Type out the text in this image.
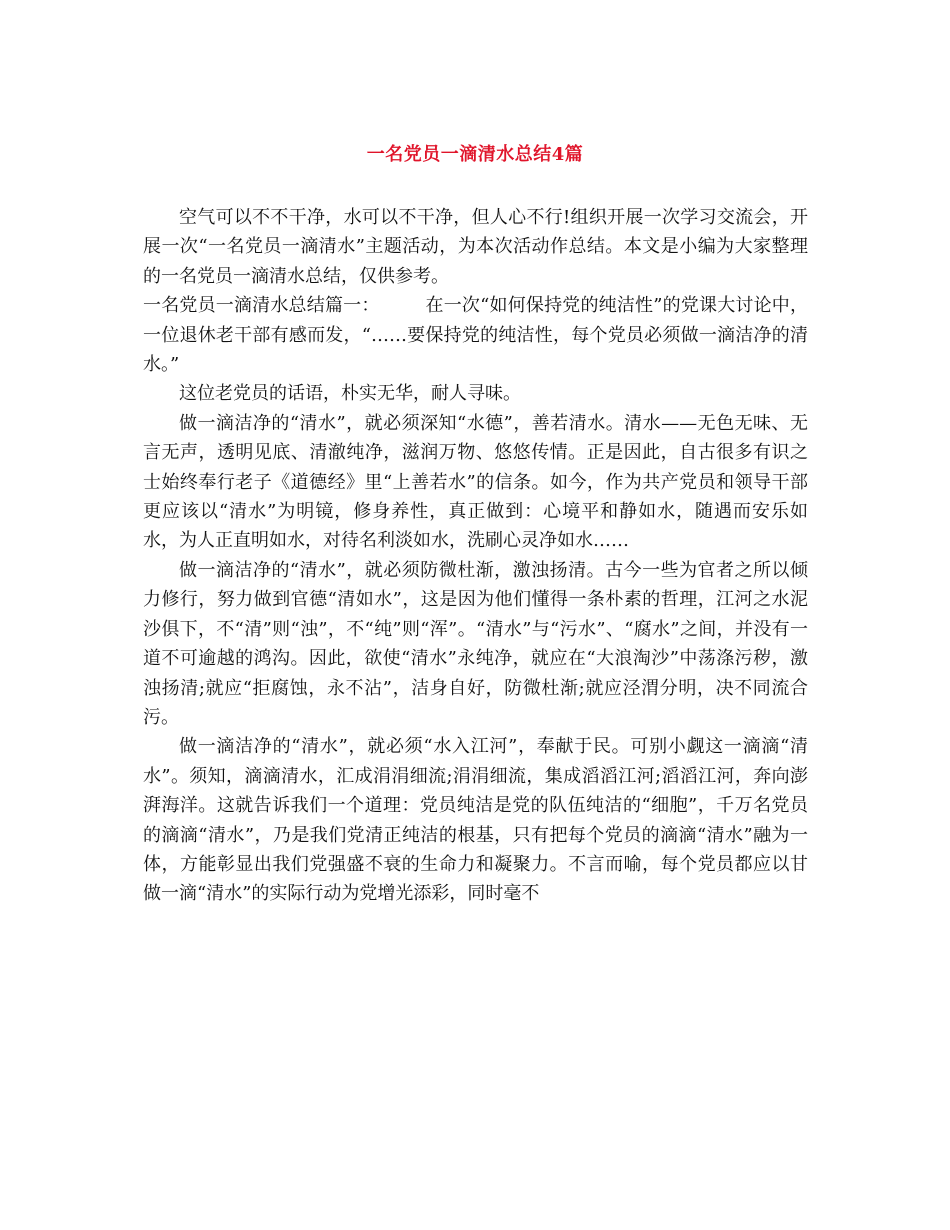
一名党员一滴清水总结4篇

空气可以不不干净，水可以不干净，但人心不行!组织开展一次学习交流会，开展一次“一名党员一滴清水”主题活动，为本次活动作总结。本文是小编为大家整理的一名党员一滴清水总结，仅供参考。

一名党员一滴清水总结篇一：	在一次“如何保持党的纯洁性”的党课大讨论中，一位退休老干部有感而发，“……要保持党的纯洁性，每个党员必须做一滴洁净的清水。”

这位老党员的话语，朴实无华，耐人寻味。

做一滴洁净的“清水”，就必须深知“水德”，善若清水。清水——无色无味、无言无声，透明见底、清澈纯净，滋润万物、悠悠传情。正是因此，自古很多有识之士始终奉行老子《道德经》里“上善若水”的信条。如今，作为共产党员和领导干部更应该以“清水”为明镜，修身养性，真正做到：心境平和静如水，随遇而安乐如水，为人正直明如水，对待名利淡如水，洗刷心灵净如水……

做一滴洁净的“清水”，就必须防微杜渐，激浊扬清。古今一些为官者之所以倾力修行，努力做到官德“清如水”，这是因为他们懂得一条朴素的哲理，江河之水泥沙俱下，不“清”则“浊”，不“纯”则“浑”。“清水”与“污水”、“腐水”之间，并没有一道不可逾越的鸿沟。因此，欲使“清水”永纯净，就应在“大浪淘沙”中荡涤污秽，激浊扬清;就应“拒腐蚀，永不沾”，洁身自好，防微杜渐;就应泾渭分明，决不同流合污。

做一滴洁净的“清水”，就必须“水入江河”，奉献于民。可别小觑这一滴滴“清水”。须知，滴滴清水，汇成涓涓细流;涓涓细流，集成滔滔江河;滔滔江河，奔向澎湃海洋。这就告诉我们一个道理：党员纯洁是党的队伍纯洁的“细胞”，千万名党员的滴滴“清水”，乃是我们党清正纯洁的根基，只有把每个党员的滴滴“清水”融为一体，方能彰显出我们党强盛不衰的生命力和凝聚力。不言而喻，每个党员都应以甘做一滴“清水”的实际行动为党增光添彩，同时毫不
